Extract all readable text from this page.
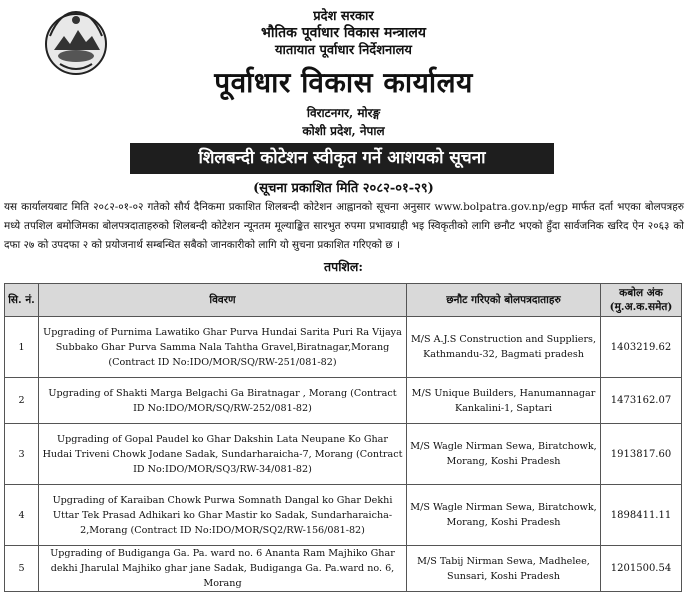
प्रदेश सरकार
भौतिक पूर्वाधार विकास मन्त्रालय
यातायात पूर्वाधार निर्देशनालय
पूर्वाधार विकास कार्यालय
विराटनगर, मोरङ्ग
कोशी प्रदेश, नेपाल
शिलबन्दी कोटेशन स्वीकृत गर्ने आशयको सूचना
(सूचना प्रकाशित मिति २०८२-०१-२९)
यस कार्यालयबाट मिति २०८२-०१-०२ गतेको सौर्य दैनिकमा प्रकाशित शिलबन्दी कोटेशन आह्वानको सूचना अनुसार www.bolpatra.gov.np/egp मार्फत दर्ता भएका बोलपत्रहरु मध्ये तपशिल बमोजिमका बोलपत्रदाताहरुको शिलबन्दी कोटेशन न्यूनतम मूल्याङ्कित सारभुत रुपमा प्रभावग्राही भइ स्विकृतीको लागि छनौट भएको हुँदा सार्वजनिक खरिद ऐन २०६३ को दफा २७ को उपदफा २ को प्रयोजनार्थ सम्बन्धित सबैको जानकारीको लागि यो सुचना प्रकाशित गरिएको छ ।
तपशिल:
सि. नं.	विवरण	छनौट गरिएको बोलपत्रदाताहरु	कबोल अंक (मु.अ.क.समेत)
1	Upgrading of Purnima Lawatiko Ghar Purva Hundai Sarita Puri Ra Vijaya Subbako Ghar Purva Samma Nala Tahtha Gravel,Biratnagar,Morang (Contract ID No:IDO/MOR/SQ/RW-251/081-82)	M/S A.J.S Construction and Suppliers, Kathmandu-32, Bagmati pradesh	1403219.62
2	Upgrading of Shakti Marga Belgachi Ga Biratnagar , Morang (Contract ID No:IDO/MOR/SQ/RW-252/081-82)	M/S Unique Builders, Hanumannagar Kankalini-1, Saptari	1473162.07
3	Upgrading of Gopal Paudel ko Ghar Dakshin Lata Neupane Ko Ghar Hudai Triveni Chowk Jodane Sadak, Sundarharaicha-7, Morang (Contract ID No:IDO/MOR/SQ3/RW-34/081-82)	M/S Wagle Nirman Sewa, Biratchowk, Morang, Koshi Pradesh	1913817.60
4	Upgrading of Karaiban Chowk Purwa Somnath Dangal ko Ghar Dekhi Uttar Tek Prasad Adhikari ko Ghar Mastir ko Sadak, Sundarharaicha-2,Morang (Contract ID No:IDO/MOR/SQ2/RW-156/081-82)	M/S Wagle Nirman Sewa, Biratchowk, Morang, Koshi Pradesh	1898411.11
5	Upgrading of Budiganga Ga. Pa. ward no. 6 Ananta Ram Majhiko Ghar dekhi Jharulal Majhiko ghar jane Sadak, Budiganga Ga. Pa.ward no. 6, Morang	M/S Tabij Nirman Sewa, Madhelee, Sunsari, Koshi Pradesh	1201500.54
